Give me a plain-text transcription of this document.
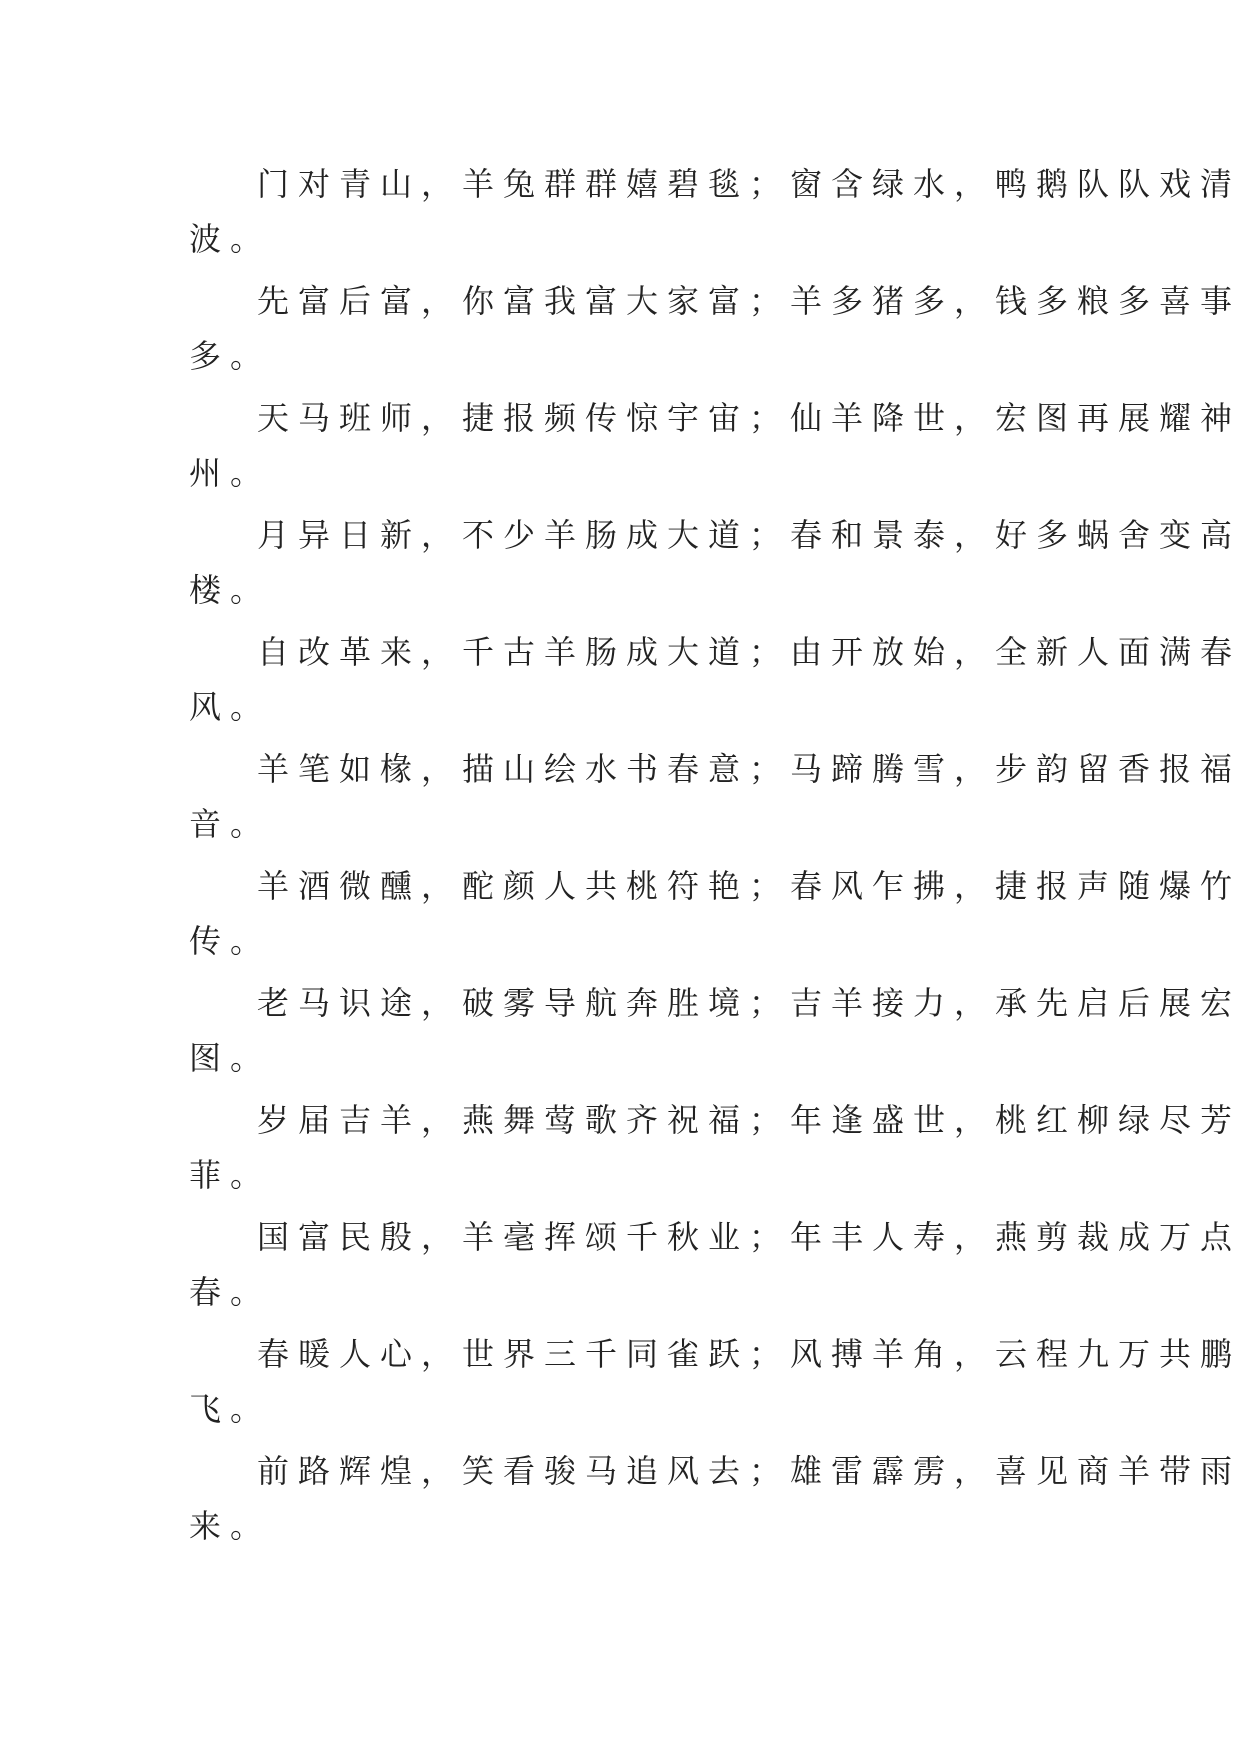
门对青山，羊兔群群嬉碧毯；窗含绿水，鸭鹅队队戏清
波。

先富后富，你富我富大家富；羊多猪多，钱多粮多喜事
多。

天马班师，捷报频传惊宇宙；仙羊降世，宏图再展耀神
州。

月异日新，不少羊肠成大道；春和景泰，好多蜗舍变高
楼。

自改革来，千古羊肠成大道；由开放始，全新人面满春
风。

羊笔如椽，描山绘水书春意；马蹄腾雪，步韵留香报福
音。

羊酒微醺，酡颜人共桃符艳；春风乍拂，捷报声随爆竹
传。

老马识途，破雾导航奔胜境；吉羊接力，承先启后展宏
图。

岁届吉羊，燕舞莺歌齐祝福；年逢盛世，桃红柳绿尽芳
菲。

国富民殷，羊毫挥颂千秋业；年丰人寿，燕剪裁成万点
春。

春暖人心，世界三千同雀跃；风搏羊角，云程九万共鹏
飞。

前路辉煌，笑看骏马追风去；雄雷霹雳，喜见商羊带雨
来。
